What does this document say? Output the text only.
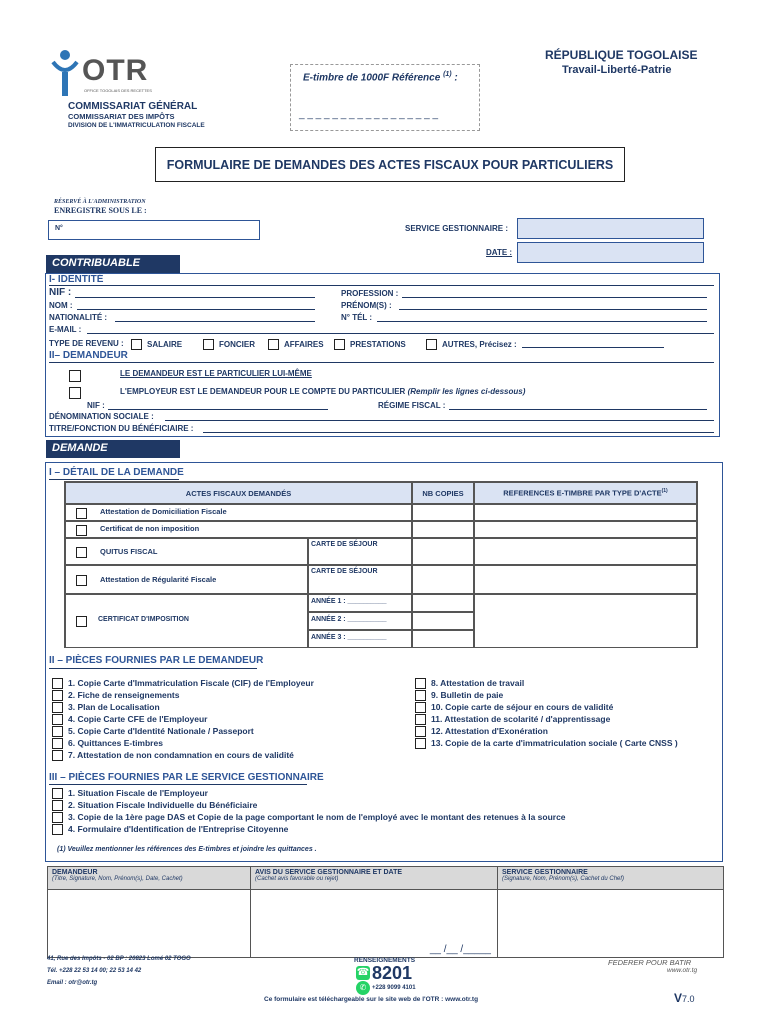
OTR
OFFICE TOGOLAIS DES RECETTES
COMMISSARIAT GÉNÉRAL
COMMISSARIAT DES IMPÔTS
DIVISION DE L'IMMATRICULATION FISCALE
E-timbre de 1000F Référence $^{(1)}$ :
_ _ _ _ _ _ _ _ _ _ _ _ _ _ _ _ _
RÉPUBLIQUE TOGOLAISE
Travail-Liberté-Patrie
FORMULAIRE DE DEMANDES DES ACTES FISCAUX POUR PARTICULIERS
RÉSERVÉ À L'ADMINISTRATION
ENREGISTRE SOUS LE :
N°	SERVICE GESTIONNAIRE :
DATE :
CONTRIBUABLE
I- IDENTITÉ
NIF :
NOM :
NATIONALITÉ :
E-MAIL :
PROFESSION :
PRÉNOM(S) :
N° TÉL :
TYPE DE REVENU :	SALAIRE	FONCIER	AFFAIRES	PRESTATIONS	AUTRES, Précisez :
II– DEMANDEUR
LE DEMANDEUR EST LE PARTICULIER LUI-MÊME
L'EMPLOYEUR EST LE DEMANDEUR POUR LE COMPTE DU PARTICULIER (Remplir les lignes ci-dessous)
NIF :	RÉGIME FISCAL :
DÉNOMINATION SOCIALE :
TITRE/FONCTION DU BÉNÉFICIAIRE :
DEMANDE
I – DÉTAIL DE LA DEMANDE
ACTES FISCAUX DEMANDÉS	NB COPIES	REFERENCES E-TIMBRE PAR TYPE D'ACTE$^{(1)}$
Attestation de Domiciliation Fiscale
Certificat de non imposition
QUITUS FISCAL
CARTE DE SÉJOUR
Attestation de Régularité Fiscale
CARTE DE SÉJOUR
CERTIFICAT D'IMPOSITION
ANNÉE 1 : __________
ANNÉE 2 : __________
ANNÉE 3 : __________
II – PIÈCES FOURNIES PAR LE DEMANDEUR
1. Copie Carte d'Immatriculation Fiscale (CIF) de l'Employeur
2. Fiche de renseignements
3. Plan de Localisation
4. Copie Carte CFE de l'Employeur
5. Copie Carte d'Identité Nationale / Passeport
6. Quittances E-timbres
7. Attestation de non condamnation en cours de validité
8. Attestation de travail
9. Bulletin de paie
10. Copie carte de séjour en cours de validité
11. Attestation de scolarité / d'apprentissage
12. Attestation d'Exonération
13. Copie de la carte d'immatriculation sociale ( Carte CNSS )
III – PIÈCES FOURNIES PAR LE SERVICE GESTIONNAIRE
1. Situation Fiscale de l'Employeur
2. Situation Fiscale Individuelle du Bénéficiaire
3. Copie de la 1ère page DAS et Copie de la page comportant le nom de l'employé avec le montant des retenues à la source
4. Formulaire d'Identification de l'Entreprise Citoyenne
(1) Veuillez mentionner les références des E-timbres et joindre les quittances .
DEMANDEUR
(Titre, Signature, Nom, Prénom(s), Date, Cachet)
AVIS DU SERVICE GESTIONNAIRE ET DATE
(Cachet avis favorable ou rejet)
SERVICE GESTIONNAIRE
(Signature, Nom, Prénom(s), Cachet du Chef)
__ /__ /_____
41, Rue des Impôts - 02 BP : 20823 Lomé 02 TOGO
Tél. +228 22 53 14 00; 22 53 14 42
Email : otr@otr.tg
RENSEIGNEMENTS
☎ 8201
✆ +228 9099 4101
FEDERER POUR BATIR
www.otr.tg
V7.0
Ce formulaire est téléchargeable sur le site web de l'OTR : www.otr.tg
